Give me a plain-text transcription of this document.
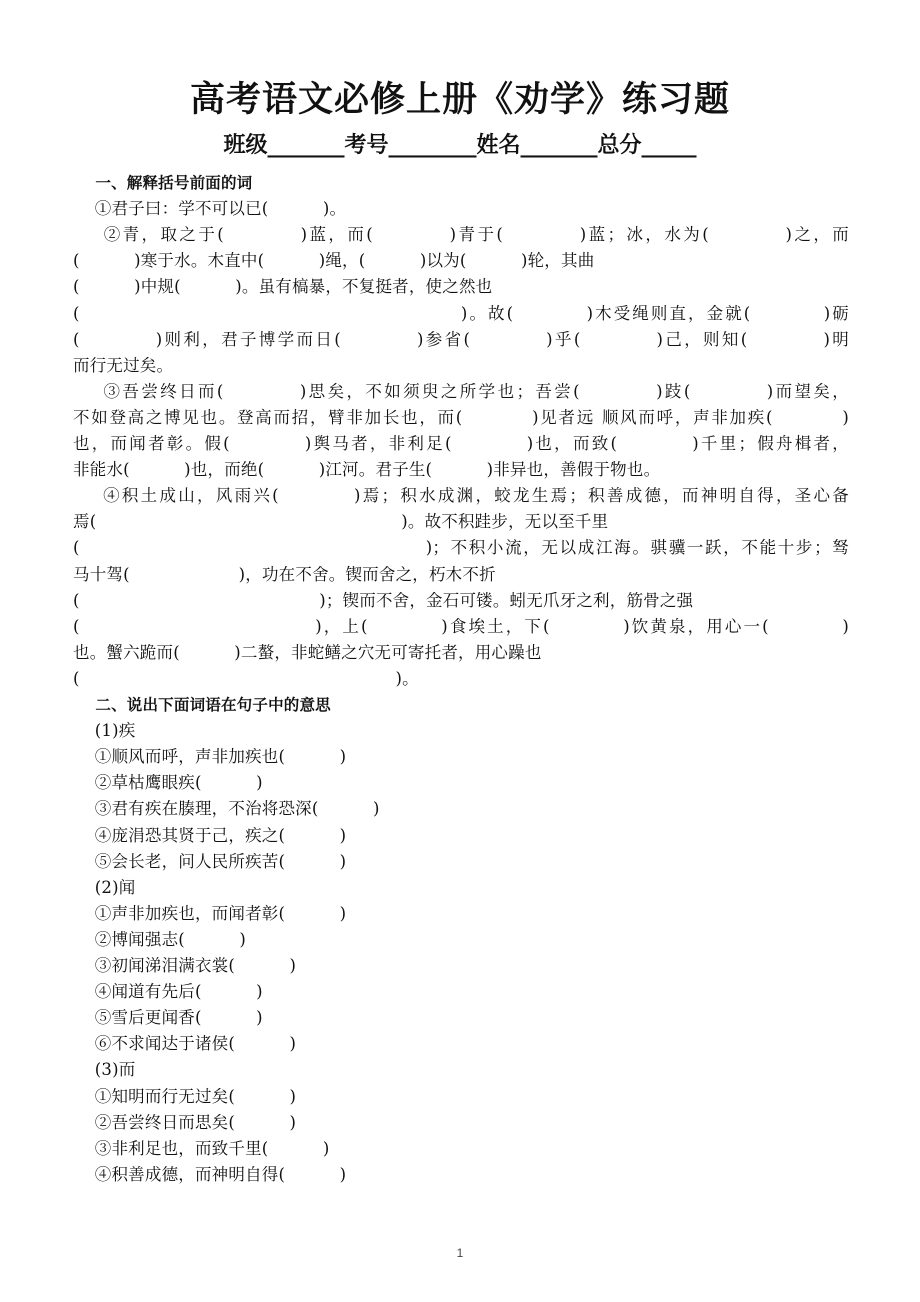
高考语文必修上册《劝学》练习题
班级_______考号________姓名_______总分_____
一、解释括号前面的词
①君子曰：学不可以已(          )。
②青，取之于(          )蓝，而(          )青于(          )蓝；冰，水为(          )之，而
(          )寒于水。木直中(          )绳，(          )以为(          )轮，其曲
(          )中规(          )。虽有槁暴，不复挺者，使之然也
(                                                    )。故(          )木受绳则直，金就(          )砺
(          )则利，君子博学而日(          )参省(          )乎(          )己，则知(          )明
而行无过矣。
③吾尝终日而(          )思矣，不如须臾之所学也；吾尝(          )跂(          )而望矣，
不如登高之博见也。登高而招，臂非加长也，而(          )见者远 顺风而呼，声非加疾(          )
也，而闻者彰。假(          )舆马者，非利足(          )也，而致(          )千里；假舟楫者，
非能水(          )也，而绝(          )江河。君子生(          )非异也，善假于物也。
④积土成山，风雨兴(          )焉；积水成渊，蛟龙生焉；积善成德，而神明自得，圣心备
焉(                                                        )。故不积跬步，无以至千里
(                                                  )；不积小流，无以成江海。骐骥一跃，不能十步；驽
马十驾(                    )，功在不舍。锲而舍之，朽木不折
(                                            )；锲而不舍，金石可镂。蚓无爪牙之利，筋骨之强
(                                )，上(          )食埃土，下(          )饮黄泉，用心一(          )
也。蟹六跪而(          )二螯，非蛇鳝之穴无可寄托者，用心躁也
(                                                          )。
二、说出下面词语在句子中的意思
(1)疾
①顺风而呼，声非加疾也(          )
②草枯鹰眼疾(          )
③君有疾在腠理，不治将恐深(          )
④庞涓恐其贤于己，疾之(          )
⑤会长老，问人民所疾苦(          )
(2)闻
①声非加疾也，而闻者彰(          )
②博闻强志(          )
③初闻涕泪满衣裳(          )
④闻道有先后(          )
⑤雪后更闻香(          )
⑥不求闻达于诸侯(          )
(3)而
①知明而行无过矣(          )
②吾尝终日而思矣(          )
③非利足也，而致千里(          )
④积善成德，而神明自得(          )
1
